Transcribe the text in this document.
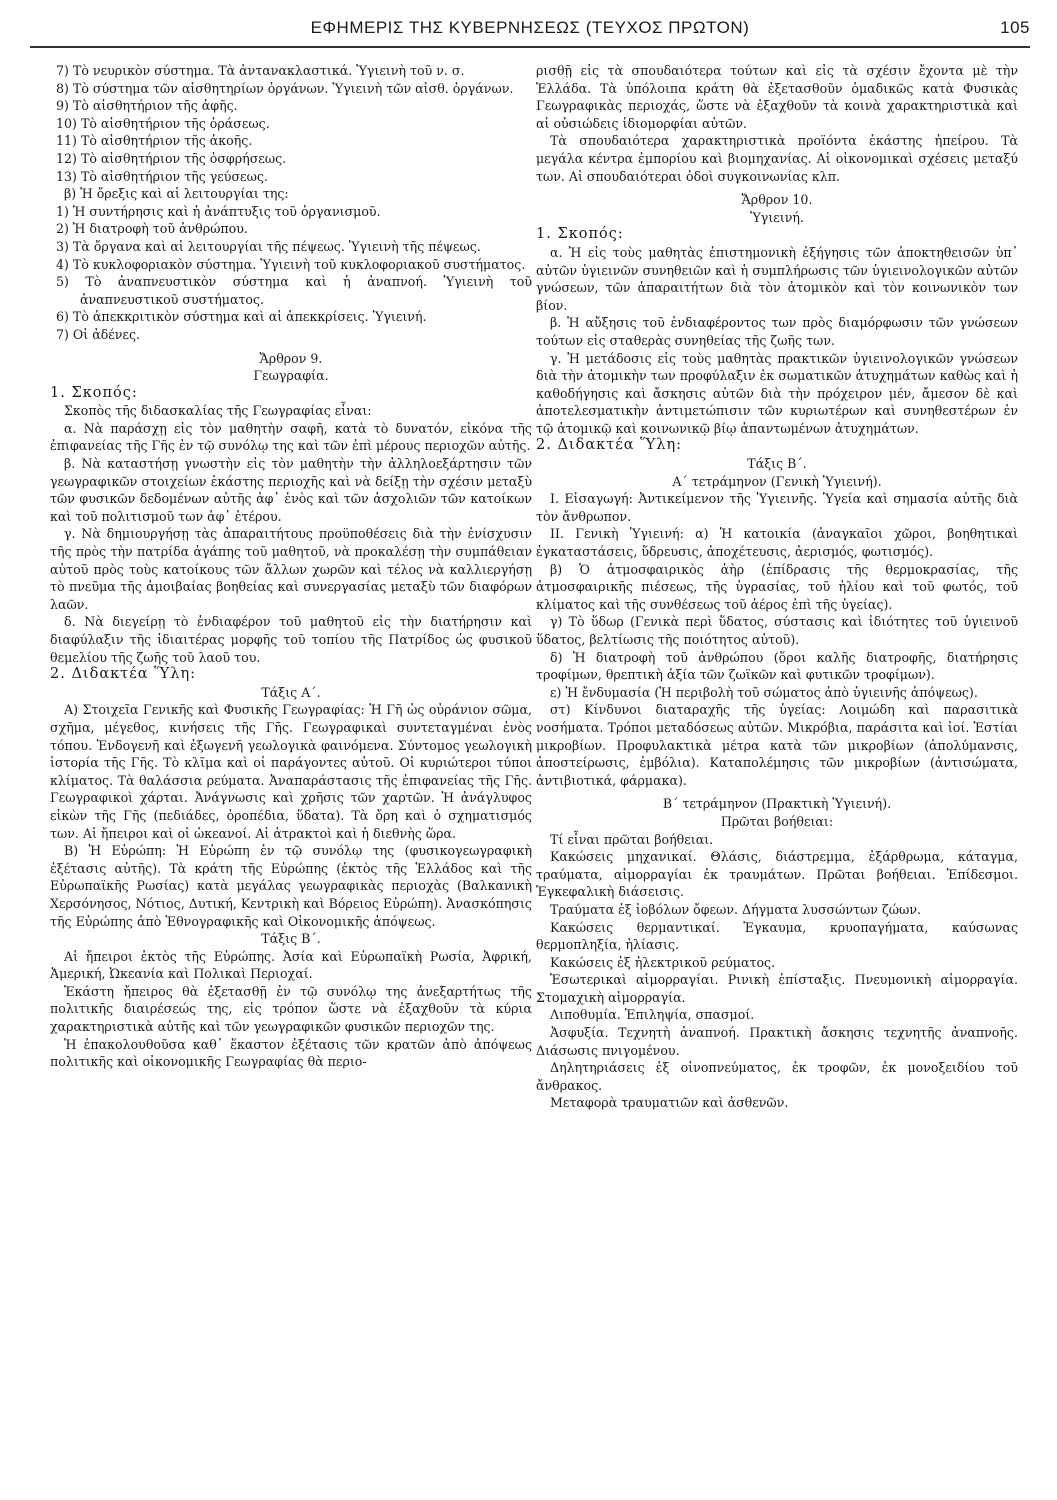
ΕΦΗΜΕΡΙΣ ΤΗΣ ΚΥΒΕΡΝΗΣΕΩΣ (ΤΕΥΧΟΣ ΠΡΩΤΟΝ)	105

7) Τὸ νευρικὸν σύστημα. Τὰ ἀντανακλαστικά. Ὑγιεινὴ τοῦ ν. σ.

8) Τὸ σύστημα τῶν αἰσθητηρίων ὀργάνων. Ὑγιεινὴ τῶν αἰσθ. ὀργάνων.

9) Τὸ αἰσθητήριον τῆς ἀφῆς.

10) Τὸ αἰσθητήριον τῆς ὁράσεως.

11) Τὸ αἰσθητήριον τῆς ἀκοῆς.

12) Τὸ αἰσθητήριον τῆς ὀσφρήσεως.

13) Τὸ αἰσθητήριον τῆς γεύσεως.

β) Ἡ ὄρεξις καὶ αἱ λειτουργίαι της:

1) Ἡ συντήρησις καὶ ἡ ἀνάπτυξις τοῦ ὀργανισμοῦ.

2) Ἡ διατροφὴ τοῦ ἀνθρώπου.

3) Τὰ ὄργανα καὶ αἱ λειτουργίαι τῆς πέψεως. Ὑγιεινὴ τῆς πέψεως.

4) Τὸ κυκλοφοριακὸν σύστημα. Ὑγιεινὴ τοῦ κυκλοφοριακοῦ συστήματος.

5) Τὸ ἀναπνευστικὸν σύστημα καὶ ἡ ἀναπνοή. Ὑγιεινὴ τοῦ ἀναπνευστικοῦ συστήματος.

6) Τὸ ἀπεκκριτικὸν σύστημα καὶ αἱ ἀπεκκρίσεις. Ὑγιεινή.

7) Οἱ ἀδένες.

Ἄρθρον 9.

Γεωγραφία.

1. Σκοπός:

Σκοπὸς τῆς διδασκαλίας τῆς Γεωγραφίας εἶναι:

α. Νὰ παράσχῃ εἰς τὸν μαθητὴν σαφῆ, κατὰ τὸ δυνατόν, εἰκόνα τῆς ἐπιφανείας τῆς Γῆς ἐν τῷ συνόλῳ της καὶ τῶν ἐπὶ μέρους περιοχῶν αὐτῆς.

β. Νὰ καταστήσῃ γνωστὴν εἰς τὸν μαθητὴν τὴν ἀλληλοεξάρτησιν τῶν γεωγραφικῶν στοιχείων ἑκάστης περιοχῆς καὶ νὰ δείξῃ τὴν σχέσιν μεταξὺ τῶν φυσικῶν δεδομένων αὐτῆς ἀφ᾽ ἑνὸς καὶ τῶν ἀσχολιῶν τῶν κατοίκων καὶ τοῦ πολιτισμοῦ των ἀφ᾽ ἑτέρου.

γ. Νὰ δημιουργήσῃ τὰς ἀπαραιτήτους προϋποθέσεις διὰ τὴν ἐνίσχυσιν τῆς πρὸς τὴν πατρίδα ἀγάπης τοῦ μαθητοῦ, νὰ προκαλέσῃ τὴν συμπάθειαν αὐτοῦ πρὸς τοὺς κατοίκους τῶν ἄλλων χωρῶν καὶ τέλος νὰ καλλιεργήσῃ τὸ πνεῦμα τῆς ἀμοιβαίας βοηθείας καὶ συνεργασίας μεταξὺ τῶν διαφόρων λαῶν.

δ. Νὰ διεγείρῃ τὸ ἐνδιαφέρον τοῦ μαθητοῦ εἰς τὴν διατήρησιν καὶ διαφύλαξιν τῆς ἰδιαιτέρας μορφῆς τοῦ τοπίου τῆς Πατρίδος ὡς φυσικοῦ θεμελίου τῆς ζωῆς τοῦ λαοῦ του.

2. Διδακτέα Ὕλη:

Τάξις Α΄.

Α) Στοιχεῖα Γενικῆς καὶ Φυσικῆς Γεωγραφίας: Ἡ Γῆ ὡς οὐράνιον σῶμα, σχῆμα, μέγεθος, κινήσεις τῆς Γῆς. Γεωγραφικαὶ συντεταγμέναι ἑνὸς τόπου. Ἐνδογενῆ καὶ ἐξωγενῆ γεωλογικὰ φαινόμενα. Σύντομος γεωλογικὴ ἱστορία τῆς Γῆς. Τὸ κλῖμα καὶ οἱ παράγοντες αὐτοῦ. Οἱ κυριώτεροι τύποι κλίματος. Τὰ θαλάσσια ρεύματα. Ἀναπαράστασις τῆς ἐπιφανείας τῆς Γῆς. Γεωγραφικοὶ χάρται. Ἀνάγνωσις καὶ χρῆσις τῶν χαρτῶν. Ἡ ἀνάγλυφος εἰκὼν τῆς Γῆς (πεδιάδες, ὀροπέδια, ὕδατα). Τὰ ὄρη καὶ ὁ σχηματισμός των. Αἱ ἤπειροι καὶ οἱ ὠκεανοί. Αἱ ἀτρακτοὶ καὶ ἡ διεθνὴς ὥρα.

Β) Ἡ Εὐρώπη: Ἡ Εὐρώπη ἐν τῷ συνόλῳ της (φυσικογεωγραφικὴ ἐξέτασις αὐτῆς). Τὰ κράτη τῆς Εὐρώπης (ἐκτὸς τῆς Ἑλλάδος καὶ τῆς Εὐρωπαϊκῆς Ρωσίας) κατὰ μεγάλας γεωγραφικὰς περιοχὰς (Βαλκανικὴ Χερσόνησος, Νότιος, Δυτική, Κεντρικὴ καὶ Βόρειος Εὐρώπη). Ἀνασκόπησις τῆς Εὐρώπης ἀπὸ Ἐθνογραφικῆς καὶ Οἰκονομικῆς ἀπόψεως.

Τάξις Β΄.

Αἱ ἤπειροι ἐκτὸς τῆς Εὐρώπης. Ἀσία καὶ Εὐρωπαϊκὴ Ρωσία, Ἀφρική, Ἀμερική, Ὠκεανία καὶ Πολικαὶ Περιοχαί.

Ἑκάστη ἤπειρος θὰ ἐξετασθῇ ἐν τῷ συνόλῳ της ἀνεξαρτήτως τῆς πολιτικῆς διαιρέσεώς της, εἰς τρόπον ὥστε νὰ ἐξαχθοῦν τὰ κύρια χαρακτηριστικὰ αὐτῆς καὶ τῶν γεωγραφικῶν φυσικῶν περιοχῶν της.

Ἡ ἐπακολουθοῦσα καθ᾽ ἕκαστον ἐξέτασις τῶν κρατῶν ἀπὸ ἀπόψεως πολιτικῆς καὶ οἰκονομικῆς Γεωγραφίας θὰ περιο-

ρισθῇ εἰς τὰ σπουδαιότερα τούτων καὶ εἰς τὰ σχέσιν ἔχοντα μὲ τὴν Ἑλλάδα. Τὰ ὑπόλοιπα κράτη θὰ ἐξετασθοῦν ὁμαδικῶς κατὰ Φυσικὰς Γεωγραφικὰς περιοχάς, ὥστε νὰ ἐξαχθοῦν τὰ κοινὰ χαρακτηριστικὰ καὶ αἱ οὐσιώδεις ἰδιομορφίαι αὐτῶν.

Τὰ σπουδαιότερα χαρακτηριστικὰ προϊόντα ἑκάστης ἠπείρου. Τὰ μεγάλα κέντρα ἐμπορίου καὶ βιομηχανίας. Αἱ οἰκονομικαὶ σχέσεις μεταξύ των. Αἱ σπουδαιότεραι ὁδοὶ συγκοινωνίας κλπ.

Ἄρθρον 10.

Ὑγιεινή.

1. Σκοπός:

α. Ἡ εἰς τοὺς μαθητὰς ἐπιστημονικὴ ἐξήγησις τῶν ἀποκτηθεισῶν ὑπ᾽ αὐτῶν ὑγιεινῶν συνηθειῶν καὶ ἡ συμπλήρωσις τῶν ὑγιεινολογικῶν αὐτῶν γνώσεων, τῶν ἀπαραιτήτων διὰ τὸν ἀτομικὸν καὶ τὸν κοινωνικὸν των βίον.

β. Ἡ αὔξησις τοῦ ἐνδιαφέροντος των πρὸς διαμόρφωσιν τῶν γνώσεων τούτων εἰς σταθερὰς συνηθείας τῆς ζωῆς των.

γ. Ἡ μετάδοσις εἰς τοὺς μαθητὰς πρακτικῶν ὑγιεινολογικῶν γνώσεων διὰ τὴν ἀτομικὴν των προφύλαξιν ἐκ σωματικῶν ἀτυχημάτων καθὼς καὶ ἡ καθοδήγησις καὶ ἄσκησις αὐτῶν διὰ τὴν πρόχειρον μέν, ἄμεσον δὲ καὶ ἀποτελεσματικὴν ἀντιμετώπισιν τῶν κυριωτέρων καὶ συνηθεστέρων ἐν τῷ ἀτομικῷ καὶ κοινωνικῷ βίῳ ἀπαντωμένων ἀτυχημάτων.

2. Διδακτέα Ὕλη:

Τάξις Β΄.

Α΄ τετράμηνον (Γενικὴ Ὑγιεινή).

I. Εἰσαγωγή: Ἀντικείμενον τῆς Ὑγιεινῆς. Ὑγεία καὶ σημασία αὐτῆς διὰ τὸν ἄνθρωπον.

II. Γενικὴ Ὑγιεινή: α) Ἡ κατοικία (ἀναγκαῖοι χῶροι, βοηθητικαὶ ἐγκαταστάσεις, ὕδρευσις, ἀποχέτευσις, ἀερισμός, φωτισμός).

β) Ὁ ἀτμοσφαιρικὸς ἀὴρ (ἐπίδρασις τῆς θερμοκρασίας, τῆς ἀτμοσφαιρικῆς πιέσεως, τῆς ὑγρασίας, τοῦ ἡλίου καὶ τοῦ φωτός, τοῦ κλίματος καὶ τῆς συνθέσεως τοῦ ἀέρος ἐπὶ τῆς ὑγείας).

γ) Τὸ ὕδωρ (Γενικὰ περὶ ὕδατος, σύστασις καὶ ἰδιότητες τοῦ ὑγιεινοῦ ὕδατος, βελτίωσις τῆς ποιότητος αὐτοῦ).

δ) Ἡ διατροφὴ τοῦ ἀνθρώπου (ὅροι καλῆς διατροφῆς, διατήρησις τροφίμων, θρεπτικὴ ἀξία τῶν ζωϊκῶν καὶ φυτικῶν τροφίμων).

ε) Ἡ ἔνδυμασία (Ἡ περιβολὴ τοῦ σώματος ἀπὸ ὑγιεινῆς ἀπόψεως).

στ) Κίνδυνοι διαταραχῆς τῆς ὑγείας: Λοιμώδη καὶ παρασιτικὰ νοσήματα. Τρόποι μεταδόσεως αὐτῶν. Μικρόβια, παράσιτα καὶ ἰοί. Ἑστίαι μικροβίων. Προφυλακτικὰ μέτρα κατὰ τῶν μικροβίων (ἀπολύμανσις, ἀποστείρωσις, ἐμβόλια). Καταπολέμησις τῶν μικροβίων (ἀντισώματα, ἀντιβιοτικά, φάρμακα).

Β΄ τετράμηνον (Πρακτικὴ Ὑγιεινή).

Πρῶται βοήθειαι:

Τί εἶναι πρῶται βοήθειαι.

Κακώσεις μηχανικαί. Θλάσις, διάστρεμμα, ἐξάρθρωμα, κάταγμα, τραύματα, αἱμορραγίαι ἐκ τραυμάτων. Πρῶται βοήθειαι. Ἐπίδεσμοι. Ἐγκεφαλικὴ διάσεισις.

Τραύματα ἐξ ἰοβόλων ὄφεων. Δήγματα λυσσώντων ζώων.

Κακώσεις θερμαντικαί. Ἐγκαυμα, κρυοπαγήματα, καύσωνας θερμοπληξία, ἡλίασις.

Κακώσεις ἐξ ἠλεκτρικοῦ ρεύματος.

Ἐσωτερικαὶ αἱμορραγίαι. Ρινικὴ ἐπίσταξις. Πνευμονικὴ αἱμορραγία. Στομαχικὴ αἱμορραγία.

Λιποθυμία. Ἐπιληψία, σπασμοί.

Ἀσφυξία. Τεχνητὴ ἀναπνοή. Πρακτικὴ ἄσκησις τεχνητῆς ἀναπνοῆς. Διάσωσις πνιγομένου.

Δηλητηριάσεις ἐξ οἰνοπνεύματος, ἐκ τροφῶν, ἐκ μονοξειδίου τοῦ ἄνθρακος.

Μεταφορὰ τραυματιῶν καὶ ἀσθενῶν.
